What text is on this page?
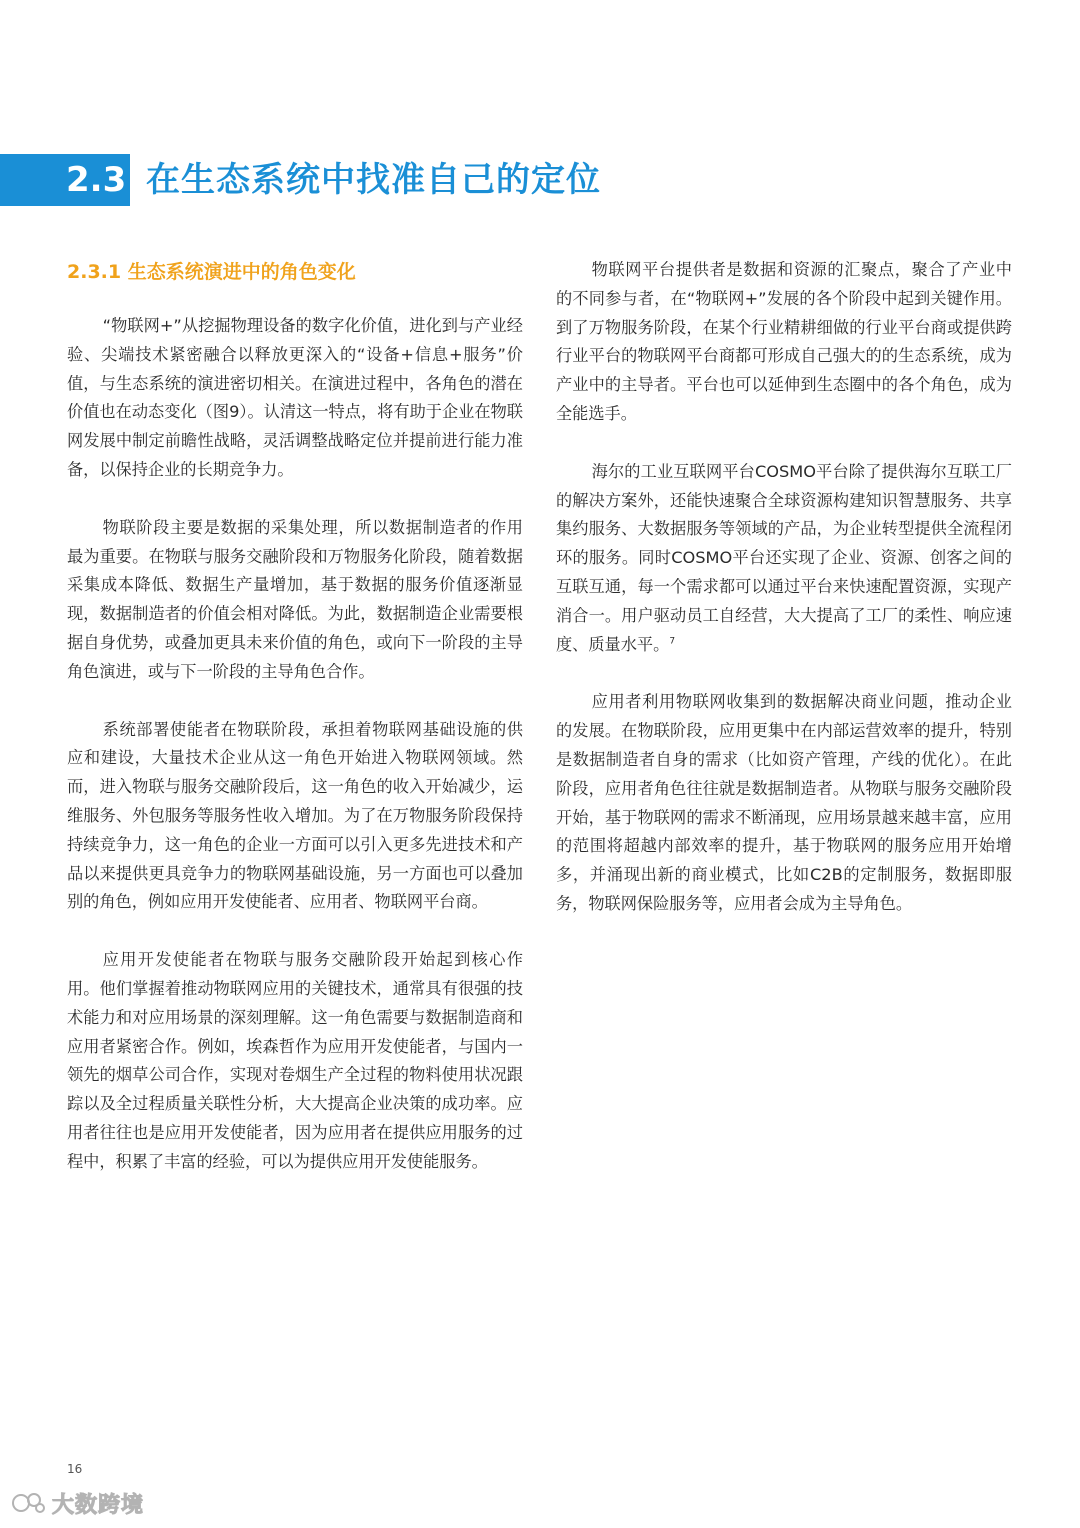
2.3 在生态系统中找准自己的定位
2.3.1 生态系统演进中的角色变化

“物联网+”从挖掘物理设备的数字化价值，进化到与产业经验、尖端技术紧密融合以释放更深入的“设备+信息+服务”价值，与生态系统的演进密切相关。在演进过程中，各角色的潜在价值也在动态变化（图9）。认清这一特点，将有助于企业在物联网发展中制定前瞻性战略，灵活调整战略定位并提前进行能力准备，以保持企业的长期竞争力。

物联阶段主要是数据的采集处理，所以数据制造者的作用最为重要。在物联与服务交融阶段和万物服务化阶段，随着数据采集成本降低、数据生产量增加，基于数据的服务价值逐渐显现，数据制造者的价值会相对降低。为此，数据制造企业需要根据自身优势，或叠加更具未来价值的角色，或向下一阶段的主导角色演进，或与下一阶段的主导角色合作。

系统部署使能者在物联阶段，承担着物联网基础设施的供应和建设，大量技术企业从这一角色开始进入物联网领域。然而，进入物联与服务交融阶段后，这一角色的收入开始减少，运维服务、外包服务等服务性收入增加。为了在万物服务阶段保持持续竞争力，这一角色的企业一方面可以引入更多先进技术和产品以来提供更具竞争力的物联网基础设施，另一方面也可以叠加别的角色，例如应用开发使能者、应用者、物联网平台商。

应用开发使能者在物联与服务交融阶段开始起到核心作用。他们掌握着推动物联网应用的关键技术，通常具有很强的技术能力和对应用场景的深刻理解。这一角色需要与数据制造商和应用者紧密合作。例如，埃森哲作为应用开发使能者，与国内一领先的烟草公司合作，实现对卷烟生产全过程的物料使用状况跟踪以及全过程质量关联性分析，大大提高企业决策的成功率。应用者往往也是应用开发使能者，因为应用者在提供应用服务的过程中，积累了丰富的经验，可以为提供应用开发使能服务。

物联网平台提供者是数据和资源的汇聚点，聚合了产业中的不同参与者，在“物联网+”发展的各个阶段中起到关键作用。到了万物服务阶段，在某个行业精耕细做的行业平台商或提供跨行业平台的物联网平台商都可形成自己强大的的生态系统，成为产业中的主导者。平台也可以延伸到生态圈中的各个角色，成为全能选手。

海尔的工业互联网平台COSMO平台除了提供海尔互联工厂的解决方案外，还能快速聚合全球资源构建知识智慧服务、共享集约服务、大数据服务等领域的产品，为企业转型提供全流程闭环的服务。同时COSMO平台还实现了企业、资源、创客之间的互联互通，每一个需求都可以通过平台来快速配置资源，实现产消合一。用户驱动员工自经营，大大提高了工厂的柔性、响应速度、质量水平。$^7$

应用者利用物联网收集到的数据解决商业问题，推动企业的发展。在物联阶段，应用更集中在内部运营效率的提升，特别是数据制造者自身的需求（比如资产管理，产线的优化）。在此阶段，应用者角色往往就是数据制造者。从物联与服务交融阶段开始，基于物联网的需求不断涌现，应用场景越来越丰富，应用的范围将超越内部效率的提升，基于物联网的服务应用开始增多，并涌现出新的商业模式，比如C2B的定制服务，数据即服务，物联网保险服务等，应用者会成为主导角色。

16
大数跨境
